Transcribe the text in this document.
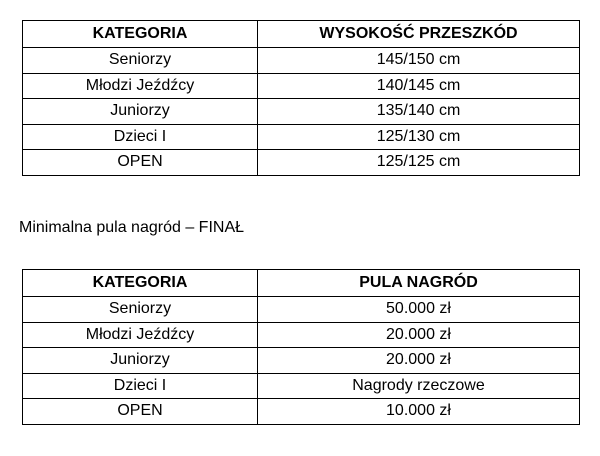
KATEGORIA	WYSOKOŚĆ PRZESZKÓD
Seniorzy	145/150 cm
Młodzi Jeźdźcy	140/145 cm
Juniorzy	135/140 cm
Dzieci I	125/130 cm
OPEN	125/125 cm

Minimalna pula nagród – FINAŁ

KATEGORIA	PULA NAGRÓD
Seniorzy	50.000 zł
Młodzi Jeźdźcy	20.000 zł
Juniorzy	20.000 zł
Dzieci I	Nagrody rzeczowe
OPEN	10.000 zł
